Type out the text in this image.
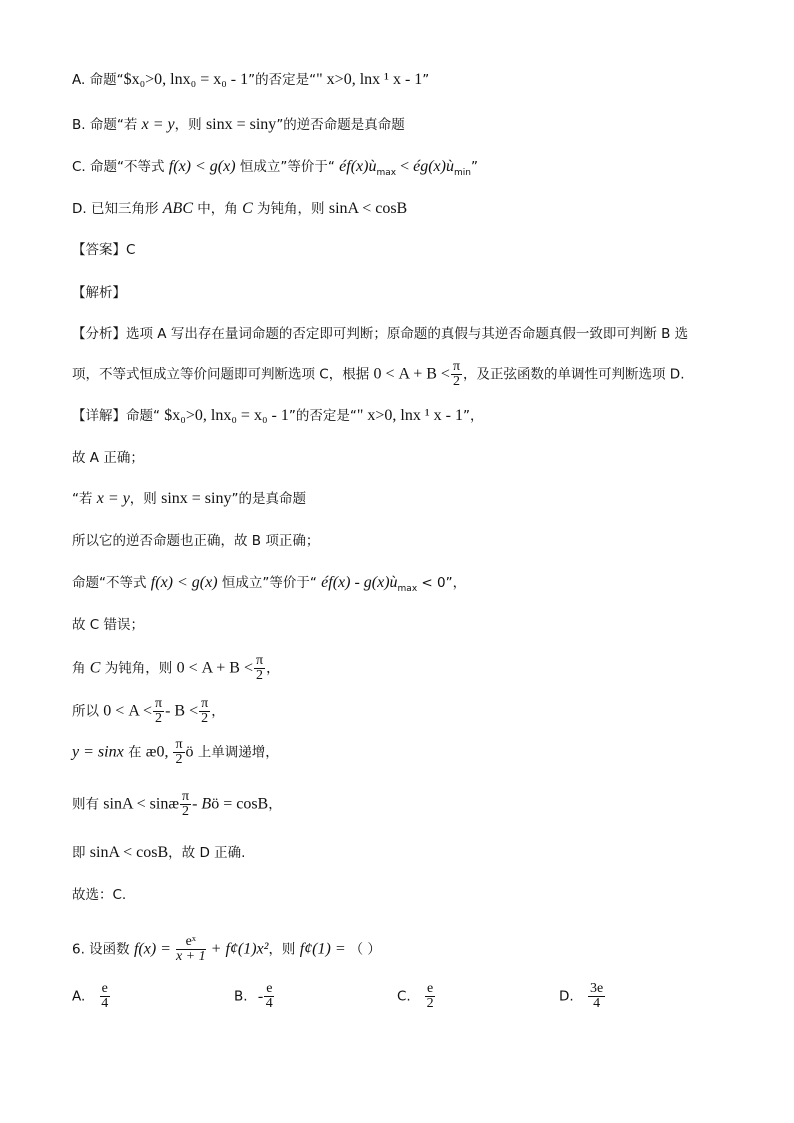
A. 命题“$x₀>0, lnx₀ = x₀ - 1”的否定是“" x>0, lnx ¹ x - 1”
B. 命题“若 x = y，则 sinx = siny”的逆否命题是真命题
C. 命题“不等式 f(x) < g(x) 恒成立”等价于“ $éf(x)ù_{max}$ < $ég(x)ù_{min}$”
D. 已知三角形 ABC 中，角 C 为钝角，则 sinA < cosB
【答案】C
【解析】
【分析】选项 A 写出存在量词命题的否定即可判断；原命题的真假与其逆否命题真假一致即可判断 B 选
项，不等式恒成立等价问题即可判断选项 C，根据 $0 < A + B < \frac{\pi}{2}$ ，及正弦函数的单调性可判断选项 D.
【详解】命题“ $x₀>0, lnx₀ = x₀ - 1”的否定是“" x>0, lnx ¹ x - 1”，
故 A 正确；
“若 x = y，则 sinx = siny”的是真命题
所以它的逆否命题也正确，故 B 项正确；
命题“不等式 f(x) < g(x) 恒成立”等价于“ éf(x) - $g(x)ù_{max} < 0$”，
故 C 错误；
角 C 为钝角，则 $0 < A + B < \frac{\pi}{2}$ ，
所以 $0 < A < \frac{\pi}{2} - B < \frac{\pi}{2}$ ，
y = sinx 在 æ0, $\frac{\pi}{2}$ ö 上单调递增，
则有 sinA < sinæ $\frac{\pi}{2}$ - Bö = cosB，
即 sinA < cosB，故 D 正确.
故选：C.
6. 设函数 $f(x) = \frac{\text{eˣ}}{x + 1}$ + f¢(1)x²，则 f¢(1) = （ ）
A. $\frac{e}{4}$	B. - $\frac{e}{4}$	C. $\frac{e}{2}$	D. $\frac{3e}{4}$
